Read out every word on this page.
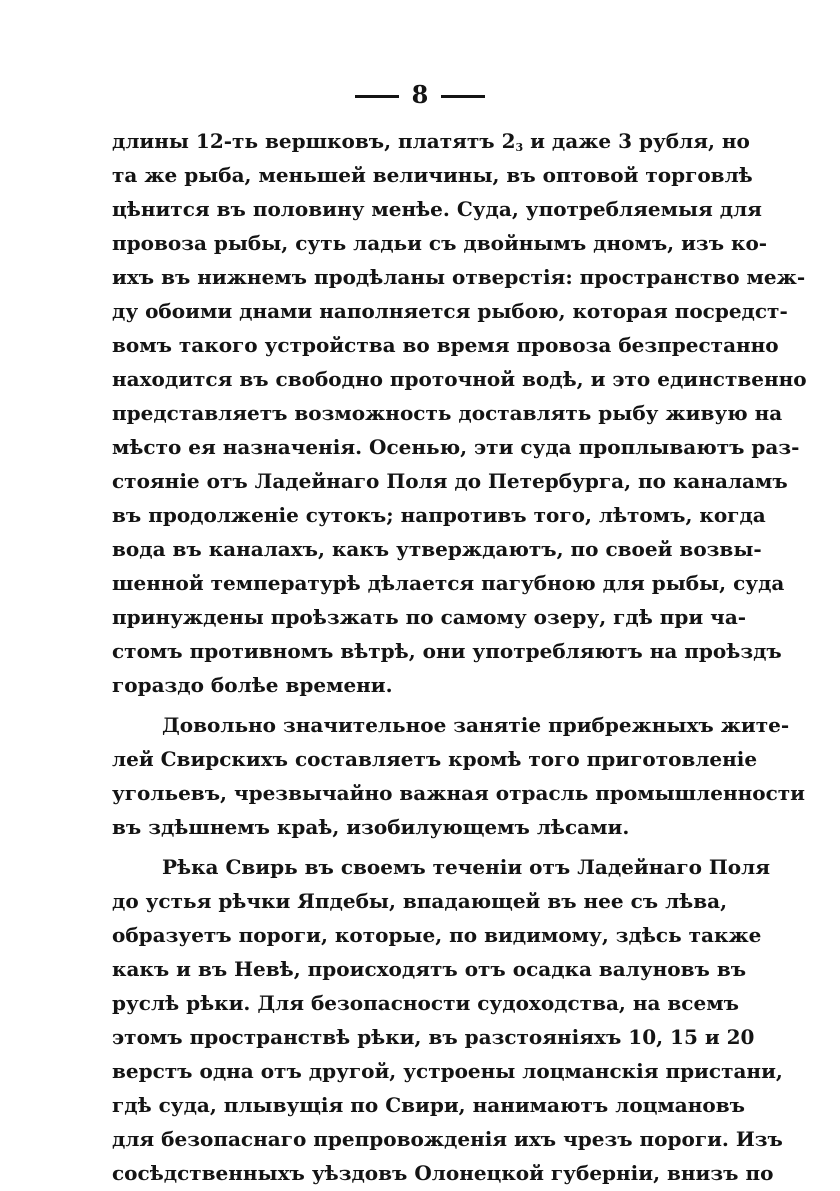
8
длины 12-ть вершковъ, платятъ 23 и даже 3 рубля, но
та же рыба, меньшей величины, въ оптовой торговлѣ
цѣнится въ половину менѣе. Суда, употребляемыя для
провоза рыбы, суть ладьи съ двойнымъ дномъ, изъ ко-
ихъ въ нижнемъ продѣланы отверстія: пространство меж-
ду обоими днами наполняется рыбою, которая посредст-
вомъ такого устройства во время провоза безпрестанно
находится въ свободно проточной водѣ, и это единственно
представляетъ возможность доставлять рыбу живую на
мѣсто ея назначенія. Осенью, эти суда проплываютъ раз-
стояніе отъ Ладейнаго Поля до Петербурга, по каналамъ
въ продолженіе сутокъ; напротивъ того, лѣтомъ, когда
вода въ каналахъ, какъ утверждаютъ, по своей возвы-
шенной температурѣ дѣлается пагубною для рыбы, суда
принуждены проѣзжать по самому озеру, гдѣ при ча-
стомъ противномъ вѣтрѣ, они употребляютъ на проѣздъ
гораздо болѣе времени.
Довольно значительное занятіе прибрежныхъ жите-
лей Свирскихъ составляетъ кромѣ того приготовленіе
угольевъ, чрезвычайно важная отрасль промышленности
въ здѣшнемъ краѣ, изобилующемъ лѣсами.
Рѣка Свирь въ своемъ теченіи отъ Ладейнаго Поля
до устья рѣчки Япдебы, впадающей въ нее съ лѣва,
образуетъ пороги, которые, по видимому, здѣсь также
какъ и въ Невѣ, происходятъ отъ осадка валуновъ въ
руслѣ рѣки. Для безопасности судоходства, на всемъ
этомъ пространствѣ рѣки, въ разстояніяхъ 10, 15 и 20
верстъ одна отъ другой, устроены лоцманскія пристани,
гдѣ суда, плывущія по Свири, нанимаютъ лоцмановъ
для безопаснаго препровожденія ихъ чрезъ пороги. Изъ
сосѣдственныхъ уѣздовъ Олонецкой губерніи, внизъ по
